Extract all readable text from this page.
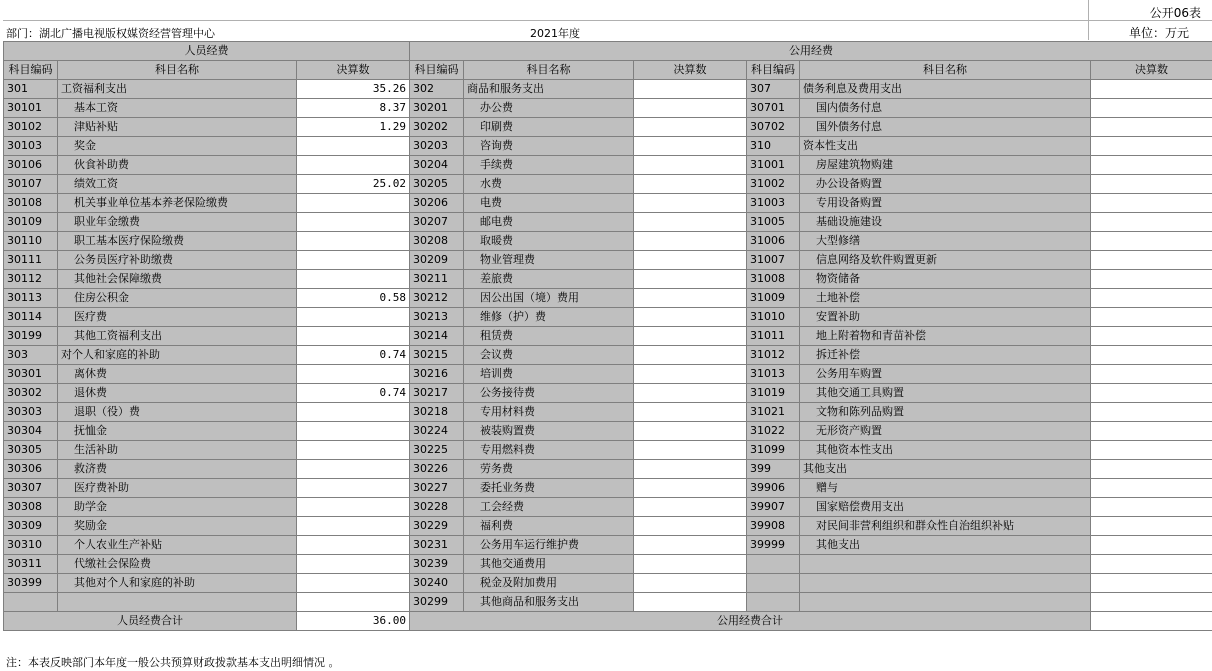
公开06表
部门：湖北广播电视版权媒资经营管理中心	2021年度	单位：万元
人员经费			公用经费					
科目编码	科目名称	决算数	科目编码	科目名称	决算数	科目编码	科目名称	决算数
301	工资福利支出	35.26	302	商品和服务支出		307	债务利息及费用支出	
30101	基本工资	8.37	30201	办公费		30701	国内债务付息	
30102	津贴补贴	1.29	30202	印刷费		30702	国外债务付息	
30103	奖金		30203	咨询费		310	资本性支出	
30106	伙食补助费		30204	手续费		31001	房屋建筑物购建	
30107	绩效工资	25.02	30205	水费		31002	办公设备购置	
30108	机关事业单位基本养老保险缴费		30206	电费		31003	专用设备购置	
30109	职业年金缴费		30207	邮电费		31005	基础设施建设	
30110	职工基本医疗保险缴费		30208	取暖费		31006	大型修缮	
30111	公务员医疗补助缴费		30209	物业管理费		31007	信息网络及软件购置更新	
30112	其他社会保障缴费		30211	差旅费		31008	物资储备	
30113	住房公积金	0.58	30212	因公出国（境）费用		31009	土地补偿	
30114	医疗费		30213	维修（护）费		31010	安置补助	
30199	其他工资福利支出		30214	租赁费		31011	地上附着物和青苗补偿	
303	对个人和家庭的补助	0.74	30215	会议费		31012	拆迁补偿	
30301	离休费		30216	培训费		31013	公务用车购置	
30302	退休费	0.74	30217	公务接待费		31019	其他交通工具购置	
30303	退职（役）费		30218	专用材料费		31021	文物和陈列品购置	
30304	抚恤金		30224	被装购置费		31022	无形资产购置	
30305	生活补助		30225	专用燃料费		31099	其他资本性支出	
30306	救济费		30226	劳务费		399	其他支出	
30307	医疗费补助		30227	委托业务费		39906	赠与	
30308	助学金		30228	工会经费		39907	国家赔偿费用支出	
30309	奖励金		30229	福利费		39908	对民间非营利组织和群众性自治组织补贴	
30310	个人农业生产补贴		30231	公务用车运行维护费		39999	其他支出	
30311	代缴社会保险费		30239	其他交通费用				
30399	其他对个人和家庭的补助		30240	税金及附加费用				
			30299	其他商品和服务支出				
人员经费合计		36.00	公用经费合计					
注：本表反映部门本年度一般公共预算财政拨款基本支出明细情况 。
